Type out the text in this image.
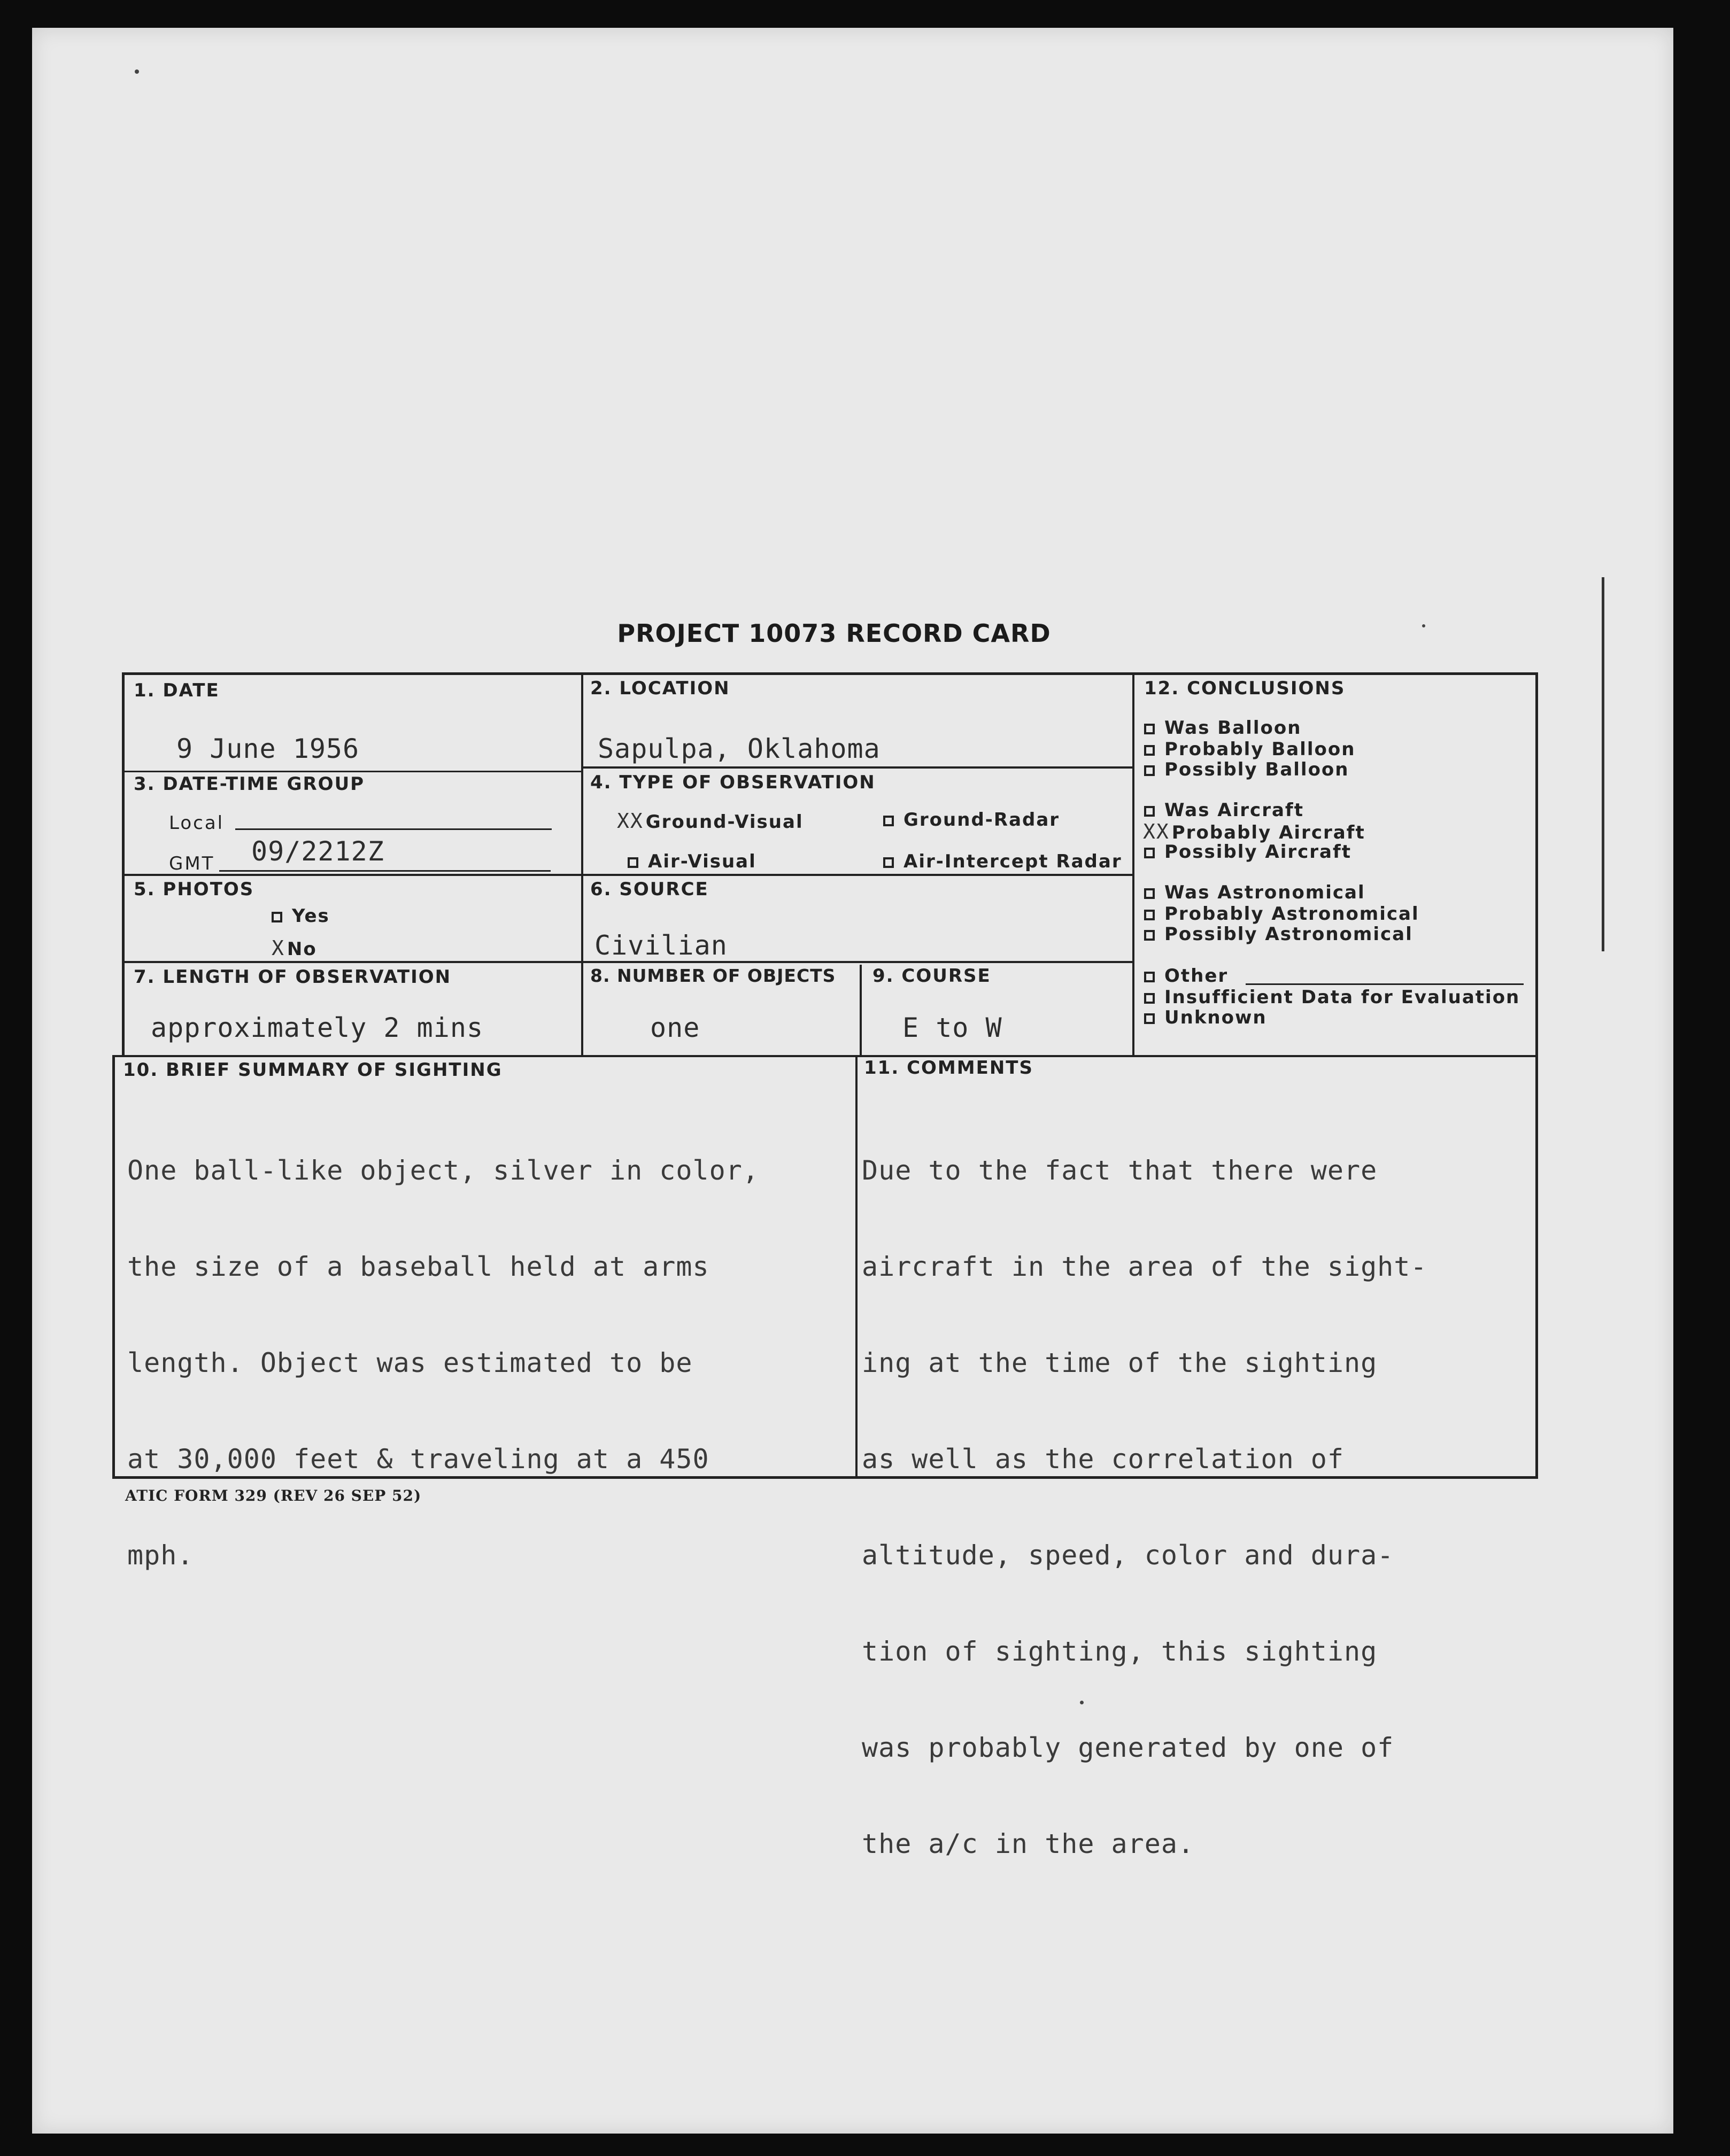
PROJECT 10073 RECORD CARD
1. DATE
9 June 1956
2. LOCATION
Sapulpa, Oklahoma
3. DATE-TIME GROUP
Local
GMT 09/2212Z
4. TYPE OF OBSERVATION
XX Ground-Visual	Ground-Radar
Air-Visual	Air-Intercept Radar
5. PHOTOS
Yes
X No
6. SOURCE
Civilian
7. LENGTH OF OBSERVATION
approximately 2 mins
8. NUMBER OF OBJECTS
one
9. COURSE
E to W
10. BRIEF SUMMARY OF SIGHTING

One ball-like object, silver in color,

the size of a baseball held at arms

length. Object was estimated to be

at 30,000 feet & traveling at a 450

mph.

11. COMMENTS

Due to the fact that there were

aircraft in the area of the sight-

ing at the time of the sighting

as well as the correlation of

altitude, speed, color and dura-

tion of sighting, this sighting

was probably generated by one of

the a/c in the area.

12. CONCLUSIONS
Was Balloon
Probably Balloon
Possibly Balloon
Was Aircraft
XX Probably Aircraft
Possibly Aircraft
Was Astronomical
Probably Astronomical
Possibly Astronomical
Other
Insufficient Data for Evaluation
Unknown
ATIC FORM 329 (REV 26 SEP 52)
